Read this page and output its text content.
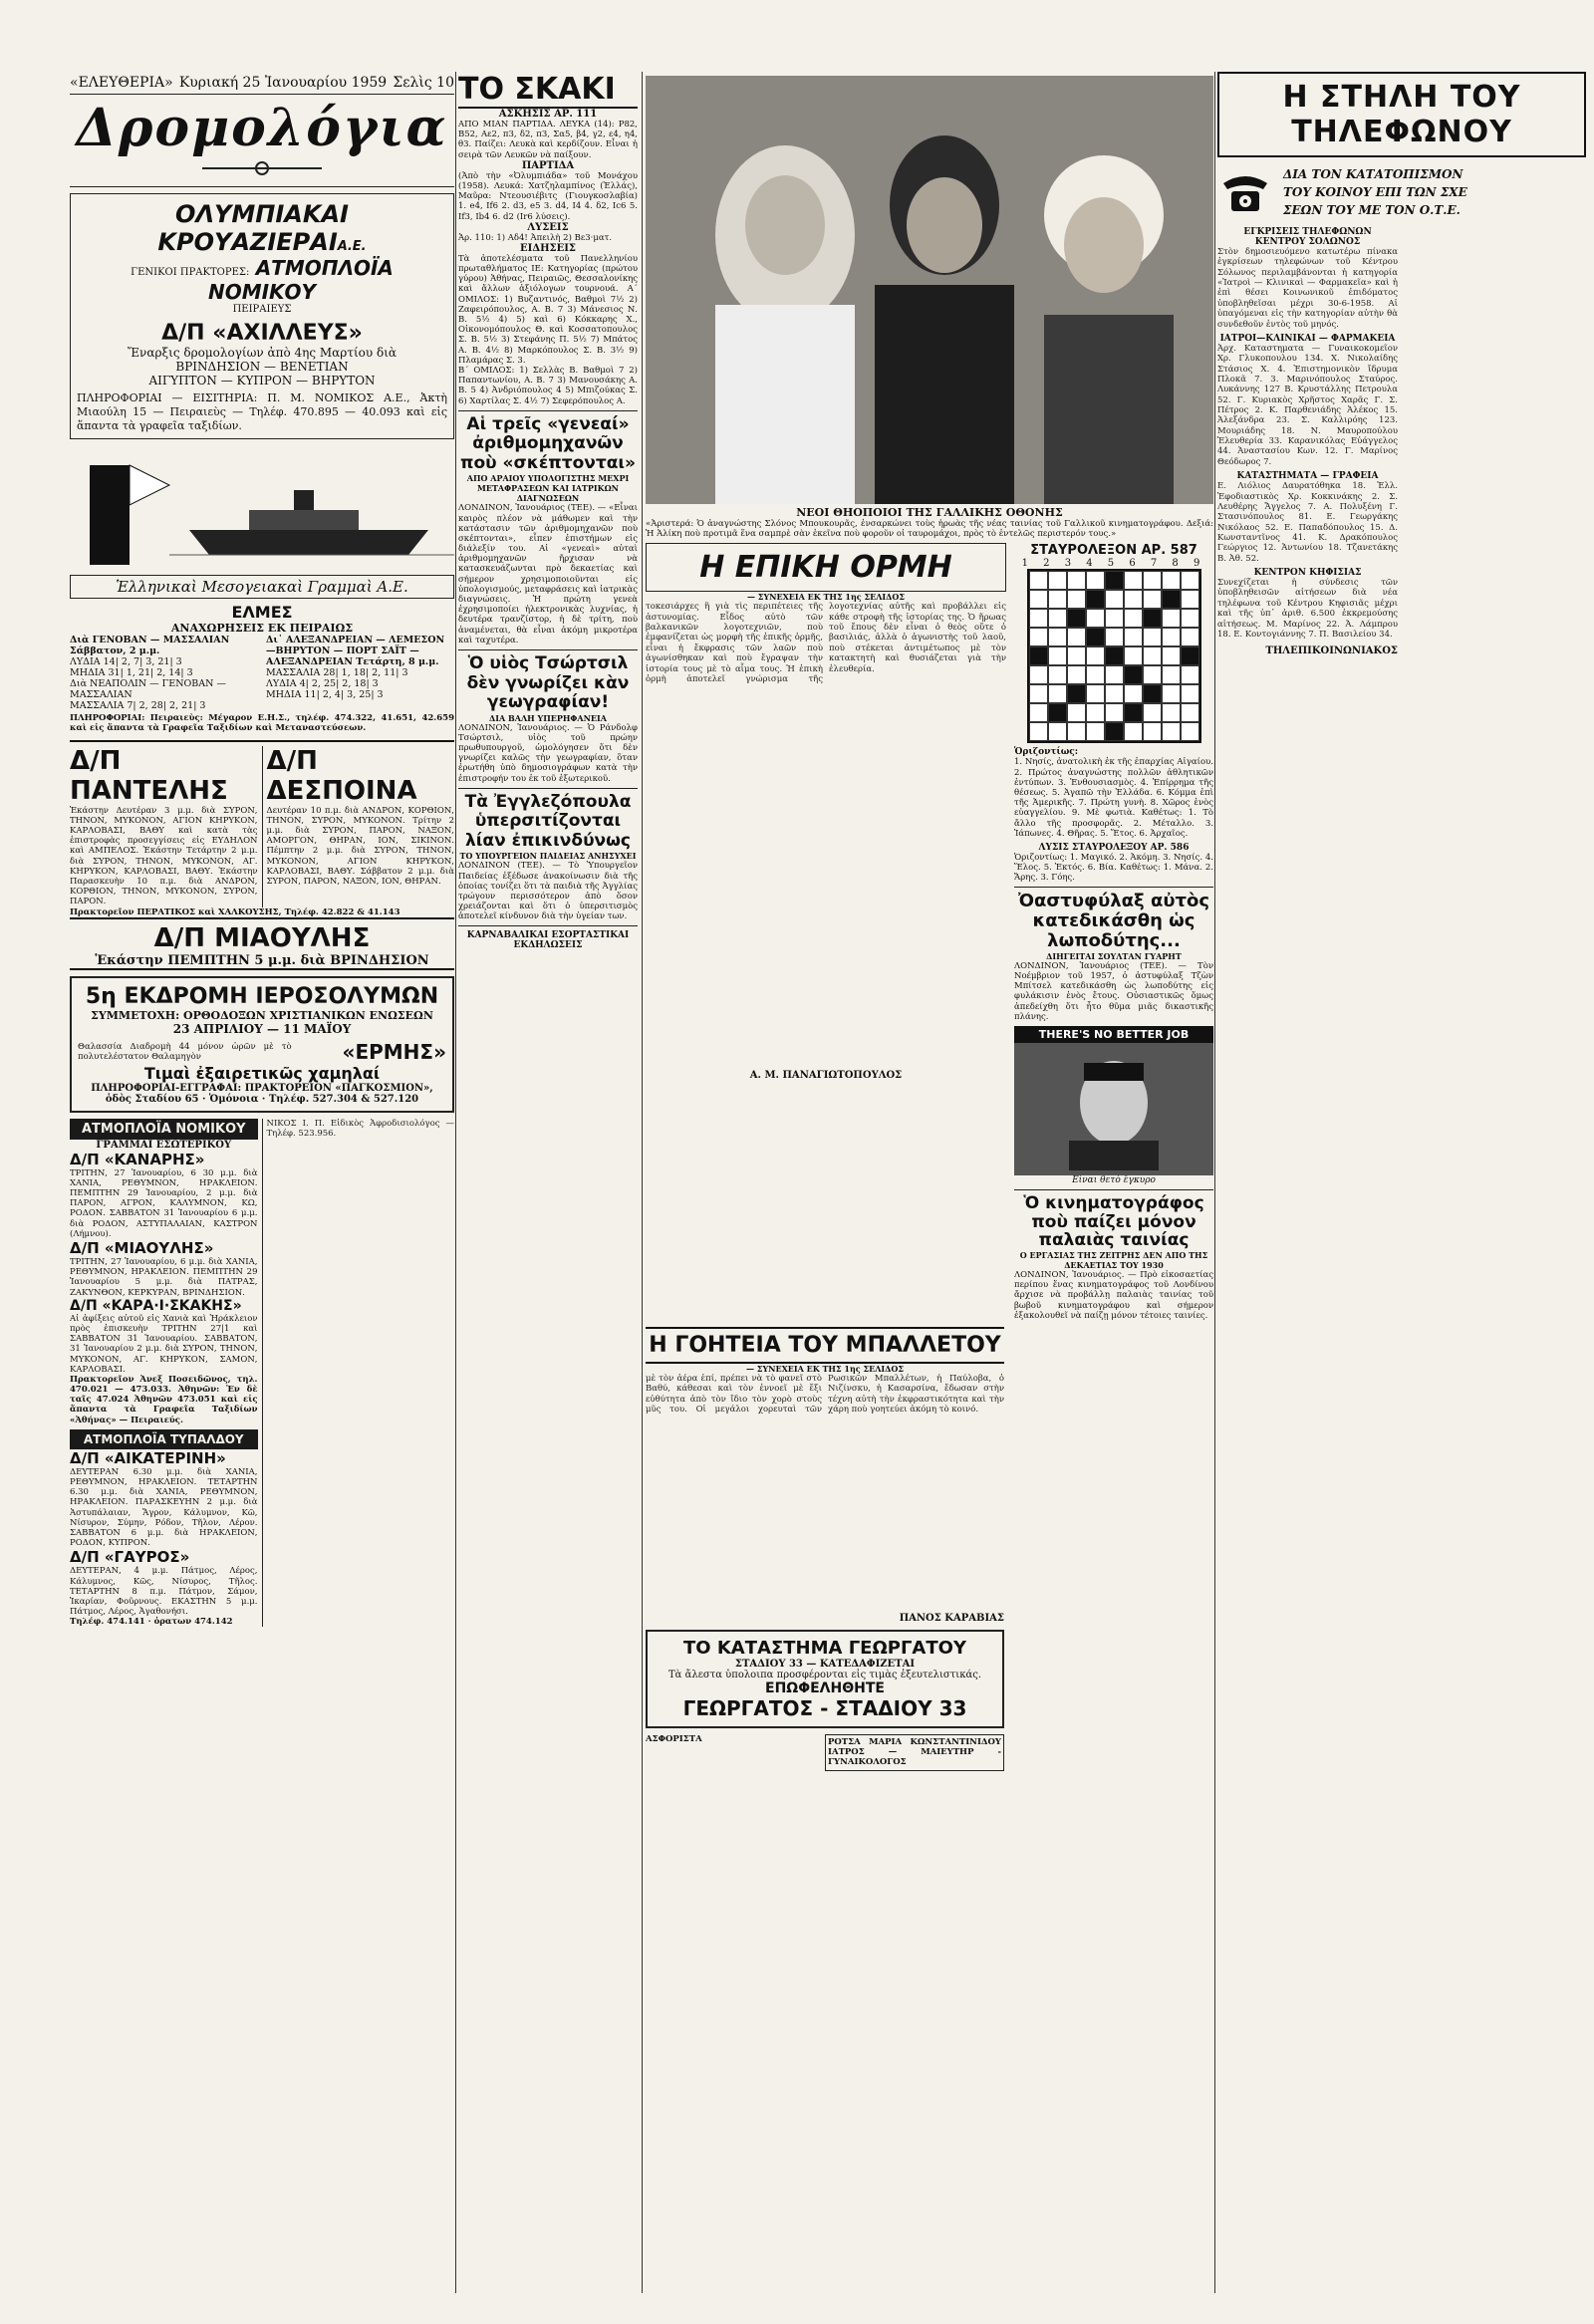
«ΕΛΕΥΘΕΡΙΑ» Κυριακή 25 Ἰανουαρίου 1959 Σελὶς 10
Δρομολόγια
ΟΛΥΜΠΙΑΚΑΙ ΚΡΟΥΑΖΙΕΡΑΙΑ.Ε.
ΓΕΝΙΚΟΙ ΠΡΑΚΤΟΡΕΣ: ΑΤΜΟΠΛΟΪΑ ΝΟΜΙΚΟΥ
ΠΕΙΡΑΙΕΥΣ
Δ/Π «ΑΧΙΛΛΕΥΣ»
Ἔναρξις δρομολογίων ἀπὸ 4ης Μαρτίου διὰ
ΒΡΙΝΔΗΣΙΟΝ — ΒΕΝΕΤΙΑΝ
ΑΙΓΥΠΤΟΝ — ΚΥΠΡΟΝ — ΒΗΡΥΤΟΝ
ΠΛΗΡΟΦΟΡΙΑΙ — ΕΙΣΙΤΗΡΙΑ: Π. Μ. ΝΟΜΙΚΟΣ Α.Ε., Ἀκτὴ Μιαούλη 15 — Πειραιεὺς — Τηλέφ. 470.895 — 40.093 καὶ εἰς ἅπαντα τὰ γραφεῖα ταξιδίων.
Ἑλληνικαὶ Μεσογειακαὶ Γραμμαὶ Α.Ε.
ΕΛΜΕΣ
ΑΝΑΧΩΡΗΣΕΙΣ ΕΚ ΠΕΙΡΑΙΩΣ
Διὰ ΓΕΝΟΒΑΝ — ΜΑΣΣΑΛΙΑΝ Σάββατον, 2 μ.μ.
ΛΥΔΙΑ 14| 2, 7| 3, 21| 3
ΜΗΔΙΑ 31| 1, 21| 2, 14| 3
Διὰ ΝΕΑΠΟΛΙΝ — ΓΕΝΟΒΑΝ — ΜΑΣΣΑΛΙΑΝ
ΜΑΣΣΑΛΙΑ 7| 2, 28| 2, 21| 3
Δι᾽ ΑΛΕΞΑΝΔΡΕΙΑΝ — ΛΕΜΕΣΟΝ —ΒΗΡΥΤΟΝ — ΠΟΡΤ ΣΑΪΤ — ΑΛΕΞΑΝΔΡΕΙΑΝ Τετάρτη, 8 μ.μ.
ΜΑΣΣΑΛΙΑ 28| 1, 18| 2, 11| 3
ΛΥΔΙΑ 4| 2, 25| 2, 18| 3
ΜΗΔΙΑ 11| 2, 4| 3, 25| 3
ΠΛΗΡΟΦΟΡΙΑΙ: Πειραιεὺς: Μέγαρον Ε.Η.Σ., τηλέφ. 474.322, 41.651, 42.659 καὶ εἰς ἅπαντα τὰ Γραφεῖα Ταξιδίων καὶ Μεταναστεύσεων.
Δ/Π ΠΑΝΤΕΛΗΣ
Ἑκάστην Δευτέραν 3 μ.μ. διὰ ΣΥΡΟΝ, ΤΗΝΟΝ, ΜΥΚΟΝΟΝ, ΑΓΙΟΝ ΚΗΡΥΚΟΝ, ΚΑΡΛΟΒΑΣΙ, ΒΑΘΥ καὶ κατὰ τὰς ἑπιστροφὰς προσεγγίσεις εἰς ΕΥΔΗΛΟΝ καὶ ΑΜΠΕΛΟΣ. Ἑκάστην Τετάρτην 2 μ.μ. διὰ ΣΥΡΟΝ, ΤΗΝΟΝ, ΜΥΚΟΝΟΝ, ΑΓ. ΚΗΡΥΚΟΝ, ΚΑΡΛΟΒΑΣΙ, ΒΑΘΥ. Ἑκάστην Παρασκευὴν 10 π.μ. διὰ ΑΝΔΡΟΝ, ΚΟΡΘΙΟΝ, ΤΗΝΟΝ, ΜΥΚΟΝΟΝ, ΣΥΡΟΝ, ΠΑΡΟΝ.
Δ/Π ΔΕΣΠΟΙΝΑ
Δευτέραν 10 π.μ. διὰ ΑΝΔΡΟΝ, ΚΟΡΘΙΟΝ, ΤΗΝΟΝ, ΣΥΡΟΝ, ΜΥΚΟΝΟΝ. Τρίτην 2 μ.μ. διὰ ΣΥΡΟΝ, ΠΑΡΟΝ, ΝΑΞΟΝ, ΑΜΟΡΓΟΝ, ΘΗΡΑΝ, ΙΟΝ, ΣΙΚΙΝΟΝ. Πέμπτην 2 μ.μ. διὰ ΣΥΡΟΝ, ΤΗΝΟΝ, ΜΥΚΟΝΟΝ, ΑΓΙΟΝ ΚΗΡΥΚΟΝ, ΚΑΡΛΟΒΑΣΙ, ΒΑΘΥ. Σάββατον 2 μ.μ. διὰ ΣΥΡΟΝ, ΠΑΡΟΝ, ΝΑΞΟΝ, ΙΟΝ, ΘΗΡΑΝ.
Πρακτορεῖον ΠΕΡΑΤΙΚΟΣ καὶ ΧΑΛΚΟΥΣΗΣ, Τηλέφ. 42.822 & 41.143
Δ/Π ΜΙΑΟΥΛΗΣ
Ἑκάστην ΠΕΜΠΤΗΝ 5 μ.μ. διὰ ΒΡΙΝΔΗΣΙΟΝ
5η ΕΚΔΡΟΜΗ ΙΕΡΟΣΟΛΥΜΩΝ
ΣΥΜΜΕΤΟΧΗ: ΟΡΘΟΔΟΞΩΝ ΧΡΙΣΤΙΑΝΙΚΩΝ ΕΝΩΣΕΩΝ
23 ΑΠΡΙΛΙΟΥ — 11 ΜΑΪΟΥ
Θαλασσία Διαδρομὴ 44 μόνον ὡρῶν μὲ τὸ πολυτελέστατον Θαλαμηγὸν	«ΕΡΜΗΣ»
Τιμαὶ ἐξαιρετικῶς χαμηλαί
ΠΛΗΡΟΦΟΡΙΑΙ-ΕΓΓΡΑΦΑΙ: ΠΡΑΚΤΟΡΕΙΟΝ «ΠΑΓΚΟΣΜΙΟΝ», ὁδὸς Σταδίου 65 · Ὁμόνοια · Τηλέφ. 527.304 & 527.120
ΑΤΜΟΠΛΟΪΑ ΝΟΜΙΚΟΥ
ΓΡΑΜΜΑΙ ΕΣΩΤΕΡΙΚΟΥ
Δ/Π «ΚΑΝΑΡΗΣ»
ΤΡΙΤΗΝ, 27 Ἰανουαρίου, 6 30 μ.μ. διὰ ΧΑΝΙΑ, ΡΕΘΥΜΝΟΝ, ΗΡΑΚΛΕΙΟΝ. ΠΕΜΠΤΗΝ 29 Ἰανουαρίου, 2 μ.μ. διὰ ΠΑΡΟΝ, ΑΓΡΟΝ, ΚΑΛΥΜΝΟΝ, ΚΩ, ΡΟΔΟΝ. ΣΑΒΒΑΤΟΝ 31 Ἰανουαρίου 6 μ.μ. διὰ ΡΟΔΟΝ, ΑΣΤΥΠΑΛΑΙΑΝ, ΚΑΣΤΡΟΝ (Λήμνου).
Δ/Π «ΜΙΑΟΥΛΗΣ»
ΤΡΙΤΗΝ, 27 Ἰανουαρίου, 6 μ.μ. διὰ ΧΑΝΙΑ, ΡΕΘΥΜΝΟΝ, ΗΡΑΚΛΕΙΟΝ. ΠΕΜΠΤΗΝ 29 Ἰανουαρίου 5 μ.μ. διὰ ΠΑΤΡΑΣ, ΖΑΚΥΝΘΟΝ, ΚΕΡΚΥΡΑΝ, ΒΡΙΝΔΗΣΙΟΝ.
Δ/Π «ΚΑΡΑ·Ι·ΣΚΑΚΗΣ»
Αἱ ἀφίξεις αὐτοῦ εἰς Χανιὰ καὶ Ἡράκλειον πρὸς ἐπισκευὴν ΤΡΙΤΗΝ 27|1 καὶ ΣΑΒΒΑΤΟΝ 31 Ἰανουαρίου. ΣΑΒΒΑΤΟΝ, 31 Ἰανουαρίου 2 μ.μ. διὰ ΣΥΡΟΝ, ΤΗΝΟΝ, ΜΥΚΟΝΟΝ, ΑΓ. ΚΗΡΥΚΟΝ, ΣΑΜΟΝ, ΚΑΡΛΟΒΑΣΙ.
Πρακτορεῖον Ἀνεξ Ποσειδῶνος, τηλ. 470.021 — 473.033. Ἀθηνῶν: Ἐν δὲ ταῖς 47.024 Ἀθηνῶν 473.051 καὶ εἰς ἅπαντα τὰ Γραφεῖα Ταξιδίων «Ἀθήνας» — Πειραιεύς.
ΑΤΜΟΠΛΟΪΑ ΤΥΠΑΛΔΟΥ
Δ/Π «ΑΙΚΑΤΕΡΙΝΗ»
ΔΕΥΤΕΡΑΝ 6.30 μ.μ. διὰ ΧΑΝΙΑ, ΡΕΘΥΜΝΟΝ, ΗΡΑΚΛΕΙΟΝ. ΤΕΤΑΡΤΗΝ 6.30 μ.μ. διὰ ΧΑΝΙΑ, ΡΕΘΥΜΝΟΝ, ΗΡΑΚΛΕΙΟΝ. ΠΑΡΑΣΚΕΥΗΝ 2 μ.μ. διὰ Ἀστυπάλαιαν, Ἄγρον, Κάλυμνον, Κῶ, Νίσυρον, Σύμην, Ρόδον, Τῆλον, Λέρον. ΣΑΒΒΑΤΟΝ 6 μ.μ. διὰ ΗΡΑΚΛΕΙΟΝ, ΡΟΔΟΝ, ΚΥΠΡΟΝ.
Δ/Π «ΓΑΥΡΟΣ»
ΔΕΥΤΕΡΑΝ, 4 μ.μ. Πάτμος, Λέρος, Κάλυμνος, Κῶς, Νίσυρος, Τῆλος. ΤΕΤΑΡΤΗΝ 8 π.μ. Πάτμον, Σάμον, Ἰκαρίαν, Φοῦρνους. ΕΚΑΣΤΗΝ 5 μ.μ. Πάτμος, Λέρος, Ἀγαθονήσι.
Τηλέφ. 474.141 · ὁρατων 474.142
ΝΙΚΟΣ Ι. Π. Εἰδικὸς Ἀφροδισιολόγος — Τηλέφ. 523.956.
ΤΟ ΣΚΑΚΙ
ΑΣΚΗΣΙΣ ΑΡ. 111
ΑΠΟ ΜΙΑΝ ΠΑΡΤΙΔΑ. ΛΕΥΚΑ (14): Ρ82, Β52, Αε2, π3, δ2, π3, Σα5, β4, γ2, ε4, η4, θ3. Παίζει: Λευκὰ καὶ κερδίζουν. Εἶναι ἡ σειρὰ τῶν Λευκῶν νὰ παίξουν.
ΠΑΡΤΙΔΑ
(Ἀπὸ τὴν «Ὀλυμπιάδα» τοῦ Μονάχου (1958). Λευκά: Χατζηλαμπίνος (Ἑλλάς), Μαῦρα: Ντεουσιέβιτς (Γιουγκοσλαβία) 1. e4, Ιf6 2. d3, e5 3. d4, Ι4 4. δ2, Ιc6 5. Ιf3, Ιb4 6. d2 (Ιr6 λύσεις).
ΛΥΣΕΙΣ
Ἀρ. 110: 1) Αδ4! Ἀπειλὴ 2) Βε3·ματ.
ΕΙΔΗΣΕΙΣ
Τὰ ἀποτελέσματα τοῦ Πανελληνίου πρωταθλήματος ΙΕ: Κατηγορίας (πρώτου γύρου) Ἀθήνας, Πειραιῶς, Θεσσαλονίκης καὶ ἄλλων ἀξιόλογων τουρνουά. Α΄ ΟΜΙΛΟΣ: 1) Βυζαντινός, Βαθμοὶ 7½ 2) Ζαφειρόπουλος, Α. Β. 7 3) Μάνεσιος Ν. Β. 5½ 4) 5) καὶ 6) Κόκκαρης Χ., Οἰκονομόπουλος Θ. καὶ Κοσσατοπουλος Σ. Β. 5½ 3) Στεφάνης Π. 5½ 7) Μπάτος Α. Β. 4½ 8) Μαρκόπουλος Σ. Β. 3½ 9) Πλαμάρας Σ. 3.
Β΄ ΟΜΙΛΟΣ: 1) Σελλὰς Β. Βαθμοὶ 7 2) Παπαντωνίου, Α. Β. 7 3) Μανουσάκης Α. Β. 5 4) Ἀνδριόπουλος 4 5) Μπιζούκας Σ. 6) Χαρτίλας Σ. 4½ 7) Σεφερόπουλος Α.
Αἱ τρεῖς «γενεαί» ἀριθμομηχανῶν ποὺ «σκέπτονται»
ΑΠΟ ΑΡΑΙΟΥ ΥΠΟΛΟΓΙΣΤΗΣ ΜΕΧΡΙ ΜΕΤΑΦΡΑΣΕΩΝ ΚΑΙ ΙΑΤΡΙΚΩΝ ΔΙΑΓΝΩΣΕΩΝ
ΛΟΝΔΙΝΟΝ, Ἰανουάριος (ΤΕΕ). — «Εἶναι καιρὸς πλέον νὰ μάθωμεν καὶ τὴν κατάστασιν τῶν ἀριθμομηχανῶν ποὺ σκέπτονται», εἶπεν ἐπιστήμων εἰς διάλεξίν του. Αἱ «γενεαὶ» αὐταὶ ἀριθμομηχανῶν ἤρχισαν νὰ κατασκευάζωνται πρὸ δεκαετίας καὶ σήμερον χρησιμοποιοῦνται εἰς ὑπολογισμούς, μεταφράσεις καὶ ἰατρικὰς διαγνώσεις. Ἡ πρώτη γενεὰ ἐχρησιμοποίει ἠλεκτρονικὰς λυχνίας, ἡ δευτέρα τρανζίστορ, ἡ δὲ τρίτη, ποὺ ἀναμένεται, θὰ εἶναι ἀκόμη μικροτέρα καὶ ταχυτέρα.
Ὁ υἱὸς Τσώρτσιλ δὲν γνωρίζει κὰν γεωγραφίαν!
ΔΙΑ ΒΑΛΗ ΥΠΕΡΗΦΑΝΕΙΑ
ΛΟΝΔΙΝΟΝ, Ἰανουάριος. — Ὁ Ράνδολφ Τσώρτσιλ, υἱὸς τοῦ πρώην πρωθυπουργοῦ, ὡμολόγησεν ὅτι δὲν γνωρίζει καλῶς τὴν γεωγραφίαν, ὅταν ἐρωτήθη ὑπὸ δημοσιογράφων κατὰ τὴν ἐπιστροφήν του ἐκ τοῦ ἐξωτερικοῦ.
Τὰ Ἐγγλεζόπουλα ὑπερσιτίζονται λίαν ἐπικινδύνως
ΤΟ ΥΠΟΥΡΓΕΙΟΝ ΠΑΙΔΕΙΑΣ ΑΝΗΣΥΧΕΙ
ΛΟΝΔΙΝΟΝ (ΤΕΕ). — Τὸ Ὑπουργεῖον Παιδείας ἐξέδωσε ἀνακοίνωσιν διὰ τῆς ὁποίας τονίζει ὅτι τὰ παιδιὰ τῆς Ἀγγλίας τρώγουν περισσότερον ἀπὸ ὅσον χρειάζονται καὶ ὅτι ὁ ὑπερσιτισμὸς ἀποτελεῖ κίνδυνον διὰ τὴν ὑγείαν των.
ΚΑΡΝΑΒΑΛΙΚΑΙ ΕΣΟΡΤΑΣΤΙΚΑΙ ΕΚΔΗΛΩΣΕΙΣ
ΝΕΟΙ ΘΗΟΠΟΙΟΙ ΤΗΣ ΓΑΛΛΙΚΗΣ ΟΘΟΝΗΣ
«Ἀριστερά: Ὁ ἀναγνώστης Σλόνος Μπουκουρᾶς, ἐνσαρκώνει τοὺς ἡρωὰς τῆς νέας ταινίας τοῦ Γαλλικοῦ κινηματογράφου. Δεξιά: Ἡ Ἀλίκη ποὺ προτιμᾶ ἕνα σαμπρὲ σὰν ἐκεῖνα ποὺ φοροῦν οἱ ταυρομάχοι, πρὸς τὸ ἐντελῶς περιστερόν τους.»
Η ΕΠΙΚΗ ΟΡΜΗ
— ΣΥΝΕΧΕΙΑ ΕΚ ΤΗΣ 1ης ΣΕΛΙΔΟΣ
τοκεσιάρχες ἢ γιὰ τὶς περιπέτειες τῆς ἀστυνομίας. Εἶδος αὐτὸ τῶν βαλκανικῶν λογοτεχνιῶν, ποὺ ἐμφανίζεται ὡς μορφὴ τῆς ἐπικῆς ὁρμῆς, εἶναι ἡ ἔκφρασις τῶν λαῶν ποὺ ἀγωνίσθηκαν καὶ ποὺ ἔγραψαν τὴν ἱστορία τους μὲ τὸ αἷμα τους. Ἡ ἐπικὴ ὁρμὴ ἀποτελεῖ γνώρισμα τῆς λογοτεχνίας αὐτῆς καὶ προβάλλει εἰς κάθε στροφὴ τῆς ἱστορίας της. Ὁ ἥρωας τοῦ ἔπους δὲν εἶναι ὁ θεὸς οὔτε ὁ βασιλιάς, ἀλλὰ ὁ ἀγωνιστὴς τοῦ λαοῦ, ποὺ στέκεται ἀντιμέτωπος μὲ τὸν κατακτητὴ καὶ θυσιάζεται γιὰ τὴν ἐλευθερία.
Α. Μ. ΠΑΝΑΓΙΩΤΟΠΟΥΛΟΣ
ΣΤΑΥΡΟΛΕΞΟΝ ΑΡ. 587
1 2 3 4 5 6 7 8 9
Ὁριζοντίως:
1. Νησίς, ἀνατολικὴ ἐκ τῆς ἐπαρχίας Αἰγαίου. 2. Πρώτος ἀναγνώστης πολλῶν ἀθλητικῶν ἐντύπων. 3. Ἐνθουσιασμὸς. 4. Ἐπίρρημα τῆς θέσεως. 5. Ἀγαπῶ τὴν Ἑλλάδα. 6. Κόμμα ἐπὶ τῆς Ἀμερικῆς. 7. Πρώτη γυνὴ. 8. Χῶρος ἑνὸς εὐαγγελίου. 9. Μὲ φωτιὰ. Καθέτως: 1. Τὸ ἄλλο τῆς προσφορᾶς. 2. Μέταλλο. 3. Ἰάπωνες. 4. Θῆρας. 5. Ἔτος. 6. Ἀρχαῖος.
ΛΥΣΙΣ ΣΤΑΥΡΟΛΕΞΟΥ ΑΡ. 586
Ὁριζοντίως: 1. Μαγικό. 2. Ἀκόμη. 3. Νησίς. 4. Ἕλος. 5. Ἐκτός. 6. Βία. Καθέτως: 1. Μάνα. 2. Ἄρης. 3. Γόης.
Ὀαστυφύλαξ αὐτὸς κατεδικάσθη ὡς λωποδύτης...
ΔΙΗΓΕΙΤΑΙ ΣΟΥΛΤΑΝ ΓΥΑΡΗΤ
ΛΟΝΔΙΝΟΝ, Ἰανουάριος (ΤΕΕ). — Τὸν Νοέμβριον τοῦ 1957, ὁ ἀστυφύλαξ Τζὼν Μπίτσελ κατεδικάσθη ὡς λωποδύτης εἰς φυλάκισιν ἑνὸς ἔτους. Οὐσιαστικῶς ὅμως ἀπεδείχθη ὅτι ἦτο θῦμα μιᾶς δικαστικῆς πλάνης.
THERE'S NO BETTER JOB
Εἶναι θετὸ ἔγκυρο
Ὁ κινηματογράφος ποὺ παίζει μόνον παλαιὰς ταινίας
Ο ΕΡΓΑΣΙΑΣ ΤΗΣ ΖΕΙΤΡΗΣ ΔΕΝ ΑΠΟ ΤΗΣ ΔΕΚΑΕΤΙΑΣ ΤΟΥ 1930
ΛΟΝΔΙΝΟΝ, Ἰανουάριος. — Πρὸ εἰκοσαετίας περίπου ἕνας κινηματογράφος τοῦ Λονδίνου ἄρχισε νὰ προβάλλῃ παλαιὰς ταινίας τοῦ βωβοῦ κινηματογράφου καὶ σήμερον ἐξακολουθεῖ νὰ παίζῃ μόνον τέτοιες ταινίες.
Η ΓΟΗΤΕΙΑ ΤΟΥ ΜΠΑΛΛΕΤΟΥ
— ΣΥΝΕΧΕΙΑ ΕΚ ΤΗΣ 1ης ΣΕΛΙΔΟΣ
μὲ τὸν ἀέρα ἐπί, πρέπει νὰ τὸ φανεῖ στὸ Βαθύ, κάθεσαι καὶ τὸν ἐννοεῖ μὲ ἔξι εὐθύτητα ἀπὸ τὸν ἴδιο τὸν χορὸ στοὺς μῦς του. Οἱ μεγάλοι χορευταὶ τῶν Ρωσικῶν Μπαλλέτων, ἡ Παύλοβα, ὁ Νιζίνσκυ, ἡ Κασαρσίνα, ἔδωσαν στὴν τέχνη αὐτὴ τὴν ἐκφραστικότητα καὶ τὴν χάρη ποὺ γοητεύει ἀκόμη τὸ κοινό.
ΠΑΝΟΣ ΚΑΡΑΒΙΑΣ
ΤΟ ΚΑΤΑΣΤΗΜΑ ΓΕΩΡΓΑΤΟΥ
ΣΤΑΔΙΟΥ 33 — ΚΑΤΕΔΑΦΙΖΕΤΑΙ
Τὰ ἄλεστα ὑπολοιπα προσφέρονται εἰς τιμὰς ἐξευτελιστικάς.
ΕΠΩΦΕΛΗΘΗΤΕ
ΓΕΩΡΓΑΤΟΣ - ΣΤΑΔΙΟΥ 33
ΑΣΦΟΡΙΣΤΑ	ΡΟΤΣΑ ΜΑΡΙΑ ΚΩΝΣΤΑΝΤΙΝΙΔΟΥ ΙΑΤΡΟΣ — ΜΑΙΕΥΤΗΡ - ΓΥΝΑΙΚΟΛΟΓΟΣ
Η ΣΤΗΛΗ ΤΟΥ ΤΗΛΕΦΩΝΟΥ
ΔΙΑ ΤΟΝ ΚΑΤΑΤΟΠΙΣΜΟΝ
ΤΟΥ ΚΟΙΝΟΥ ΕΠΙ ΤΩΝ ΣΧΕ
ΣΕΩΝ ΤΟΥ ΜΕ ΤΟΝ Ο.Τ.Ε.
ΕΓΚΡΙΣΕΙΣ ΤΗΛΕΦΩΝΩΝ ΚΕΝΤΡΟΥ ΣΟΛΩΝΟΣ
Στὸν δημοσιευόμενο κατωτέρω πίνακα ἐγκρίσεων τηλεφώνων τοῦ Κέντρου Σόλωνος περιλαμβάνονται ἡ κατηγορία «Ἰατροὶ — Κλινικαὶ — Φαρμακεῖα» καὶ ἡ ἐπὶ θέσει Κοινωνικοῦ ἐπιδόματος ὑποβληθεῖσαι μέχρι 30-6-1958. Αἱ ὑπαγόμεναι εἰς τὴν κατηγορίαν αὐτὴν θὰ συνδεθοῦν ἐντὸς τοῦ μηνός.
ΙΑΤΡΟΙ—ΚΛΙΝΙΚΑΙ — ΦΑΡΜΑΚΕΙΑ
Ἀρχ. Καταστηματα — Γυναικοκομεῖον Χρ. Γλυκοπουλου 134. Χ. Νικολαίδης Στάσιος Χ. 4. Ἐπιστημονικὸν ἴδρυμα Πλοκᾶ 7. 3. Μαρινόπουλος Σταύρος. Λυκάννης 127 Β. Κρυστάλλης Πετρουλα 52. Γ. Κυριακὸς Χρῆστος Χαρᾶς Γ. Σ. Πέτρος 2. Κ. Παρθενιάδης Ἀλέκος 15. Ἀλεξάνδρα 23. Σ. Καλλιρόης 123. Μουριάδης 18. Ν. Μαυροπούλου Ἐλευθερία 33. Καρανικόλας Εὐάγγελος 44. Ἀναστασίου Κων. 12. Γ. Μαρίνος Θεόδωρος 7.
ΚΑΤΑΣΤΗΜΑΤΑ — ΓΡΑΦΕΙΑ
Ε. Λιόλιος Δαυρατόθηκα 18. Ἑλλ. Ἐφοδιαστικὸς Χρ. Κοκκινάκης 2. Σ. Λευθέρης Ἄγγελος 7. Α. Πολυξένη Γ. Στασινόπουλος 81. Ε. Γεωργάκης Νικόλαος 52. Ε. Παπαδόπουλος 15. Δ. Κωνσταντῖνος 41. Κ. Δρακόπουλος Γεώργιος 12. Ἀντωνίου 18. Τζανετάκης Β. Ἀθ. 52.
ΚΕΝΤΡΟΝ ΚΗΦΙΣΙΑΣ
Συνεχίζεται ἡ σύνδεσις τῶν ὑποβληθεισῶν αἰτήσεων διὰ νέα τηλέφωνα τοῦ Κέντρου Κηφισιᾶς μέχρι καὶ τῆς ὑπ᾽ ἀριθ. 6.500 ἐκκρεμούσης αἰτήσεως. Μ. Μαρίνος 22. Ἀ. Λάμπρου 18. Ε. Κοντογιάννης 7. Π. Βασιλείου 34.
ΤΗΛΕΠΙΚΟΙΝΩΝΙΑΚΟΣ
